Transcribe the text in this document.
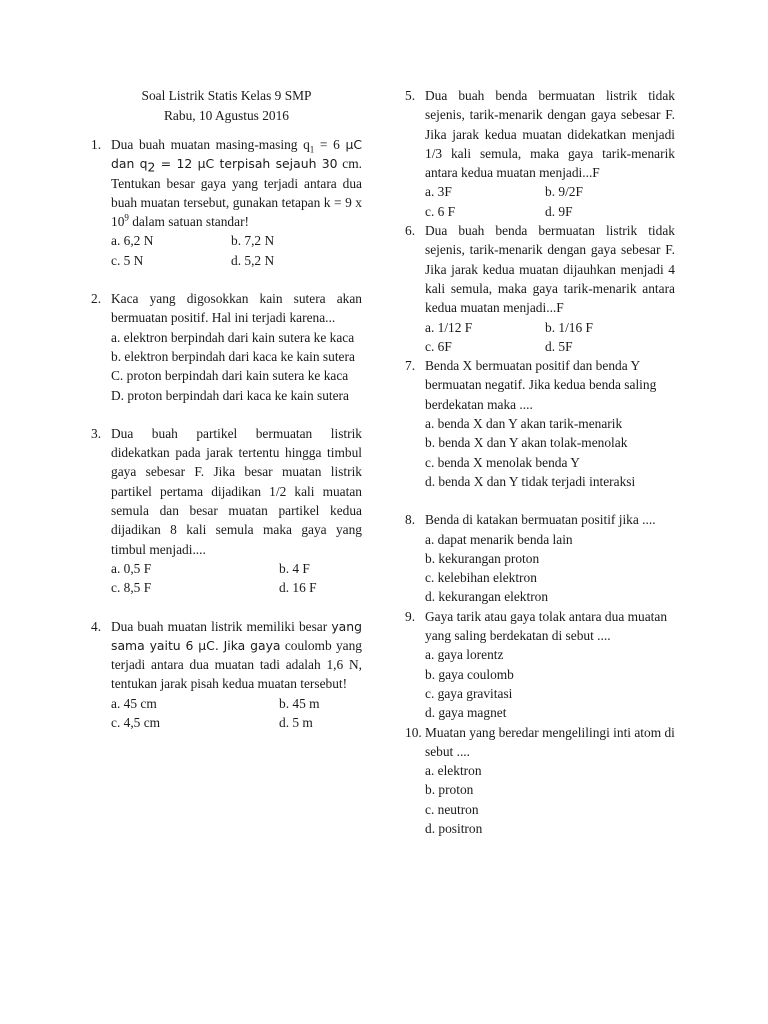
Soal Listrik Statis Kelas 9 SMP
Rabu, 10 Agustus 2016
1. Dua buah muatan masing-masing $q_1 = 6$ μC dan $q_2 = 12$ μC terpisah sejauh 30 cm. Tentukan besar gaya yang terjadi antara dua buah muatan tersebut, gunakan tetapan k = 9 x $10^9$ dalam satuan standar!
a. 6,2 N	b. 7,2 N
c. 5 N	d. 5,2 N
2. Kaca yang digosokkan kain sutera akan bermuatan positif. Hal ini terjadi karena...
a. elektron berpindah dari kain sutera ke kaca
b. elektron berpindah dari kaca ke kain sutera
C. proton berpindah dari kain sutera ke kaca
D. proton berpindah dari kaca ke kain sutera
3. Dua buah partikel bermuatan listrik didekatkan pada jarak tertentu hingga timbul gaya sebesar F. Jika besar muatan listrik partikel pertama dijadikan 1/2 kali muatan semula dan besar muatan partikel kedua dijadikan 8 kali semula maka gaya yang timbul menjadi....
a. 0,5 F	b. 4 F
c. 8,5 F	d. 16 F
4. Dua buah muatan listrik memiliki besar yang sama yaitu 6 μC. Jika gaya coulomb yang terjadi antara dua muatan tadi adalah 1,6 N, tentukan jarak pisah kedua muatan tersebut!
a. 45 cm	b. 45 m
c. 4,5 cm	d. 5 m
5. Dua buah benda bermuatan listrik tidak sejenis, tarik-menarik dengan gaya sebesar F. Jika jarak kedua muatan didekatkan menjadi 1/3 kali semula, maka gaya tarik-menarik antara kedua muatan menjadi...F
a. 3F	b. 9/2F
c. 6 F	d. 9F
6. Dua buah benda bermuatan listrik tidak sejenis, tarik-menarik dengan gaya sebesar F. Jika jarak kedua muatan dijauhkan menjadi 4 kali semula, maka gaya tarik-menarik antara kedua muatan menjadi...F
a. 1/12 F	b. 1/16 F
c. 6F	d. 5F
7. Benda X bermuatan positif dan benda Y bermuatan negatif. Jika kedua benda saling berdekatan maka ....
a. benda X dan Y akan tarik-menarik
b. benda X dan Y akan tolak-menolak
c. benda X menolak benda Y
d. benda X dan Y tidak terjadi interaksi
8. Benda di katakan bermuatan positif jika ....
a. dapat menarik benda lain
b. kekurangan proton
c. kelebihan elektron
d. kekurangan elektron
9. Gaya tarik atau gaya tolak antara dua muatan yang saling berdekatan di sebut ....
a. gaya lorentz
b. gaya coulomb
c. gaya gravitasi
d. gaya magnet
10. Muatan yang beredar mengelilingi inti atom di sebut ....
a. elektron
b. proton
c. neutron
d. positron
